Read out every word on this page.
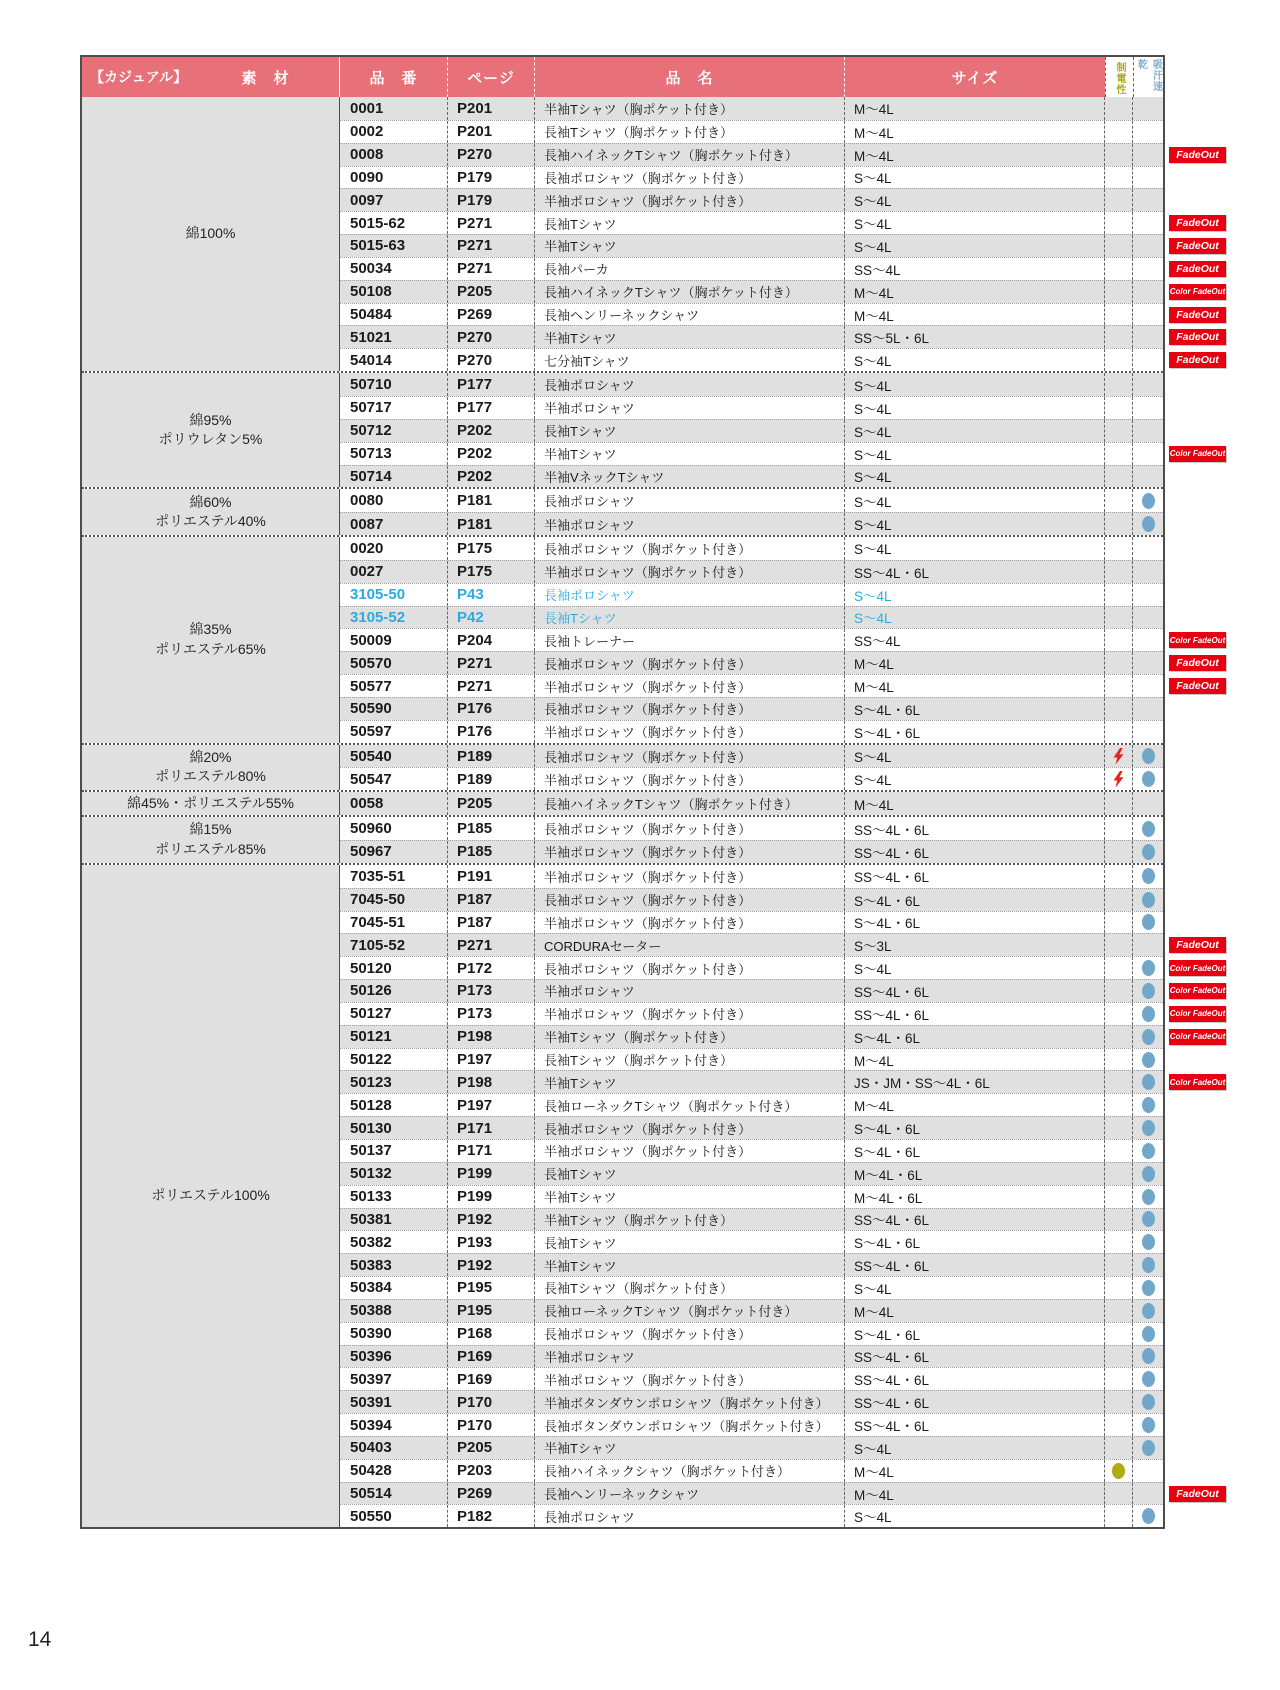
【カジュアル】	素　材	品　番	ページ	品　名	サイズ	制電性	吸汗速乾
綿100%
0001	P201	半袖Tシャツ（胸ポケット付き）	M～4L
0002	P201	長袖Tシャツ（胸ポケット付き）	M～4L
0008	P270	長袖ハイネックTシャツ（胸ポケット付き）	M～4L	FadeOut
0090	P179	長袖ポロシャツ（胸ポケット付き）	S～4L
0097	P179	半袖ポロシャツ（胸ポケット付き）	S～4L
5015-62	P271	長袖Tシャツ	S～4L	FadeOut
5015-63	P271	半袖Tシャツ	S～4L	FadeOut
50034	P271	長袖パーカ	SS～4L	FadeOut
50108	P205	長袖ハイネックTシャツ（胸ポケット付き）	M～4L	Color FadeOut
50484	P269	長袖ヘンリーネックシャツ	M～4L	FadeOut
51021	P270	半袖Tシャツ	SS～5L・6L	FadeOut
54014	P270	七分袖Tシャツ	S～4L	FadeOut
綿95%
ポリウレタン5%
50710	P177	長袖ポロシャツ	S～4L
50717	P177	半袖ポロシャツ	S～4L
50712	P202	長袖Tシャツ	S～4L
50713	P202	半袖Tシャツ	S～4L	Color FadeOut
50714	P202	半袖VネックTシャツ	S～4L
綿60%
ポリエステル40%
0080	P181	長袖ポロシャツ	S～4L
0087	P181	半袖ポロシャツ	S～4L
綿35%
ポリエステル65%
0020	P175	長袖ポロシャツ（胸ポケット付き）	S～4L
0027	P175	半袖ポロシャツ（胸ポケット付き）	SS～4L・6L
3105-50	P43	長袖ポロシャツ	S～4L
3105-52	P42	長袖Tシャツ	S～4L
50009	P204	長袖トレーナー	SS～4L	Color FadeOut
50570	P271	長袖ポロシャツ（胸ポケット付き）	M～4L	FadeOut
50577	P271	半袖ポロシャツ（胸ポケット付き）	M～4L	FadeOut
50590	P176	長袖ポロシャツ（胸ポケット付き）	S～4L・6L
50597	P176	半袖ポロシャツ（胸ポケット付き）	S～4L・6L
綿20%
ポリエステル80%
50540	P189	長袖ポロシャツ（胸ポケット付き）	S～4L
50547	P189	半袖ポロシャツ（胸ポケット付き）	S～4L
綿45%・ポリエステル55%	0058	P205	長袖ハイネックTシャツ（胸ポケット付き）	M～4L
綿15%
ポリエステル85%
50960	P185	長袖ポロシャツ（胸ポケット付き）	SS～4L・6L
50967	P185	半袖ポロシャツ（胸ポケット付き）	SS～4L・6L
ポリエステル100%
7035-51	P191	半袖ポロシャツ（胸ポケット付き）	SS～4L・6L
7045-50	P187	長袖ポロシャツ（胸ポケット付き）	S～4L・6L
7045-51	P187	半袖ポロシャツ（胸ポケット付き）	S～4L・6L
7105-52	P271	CORDURAセーター	S～3L	FadeOut
50120	P172	長袖ポロシャツ（胸ポケット付き）	S～4L	Color FadeOut
50126	P173	半袖ポロシャツ	SS～4L・6L	Color FadeOut
50127	P173	半袖ポロシャツ（胸ポケット付き）	SS～4L・6L	Color FadeOut
50121	P198	半袖Tシャツ（胸ポケット付き）	S～4L・6L	Color FadeOut
50122	P197	長袖Tシャツ（胸ポケット付き）	M～4L
50123	P198	半袖Tシャツ	JS・JM・SS～4L・6L	Color FadeOut
50128	P197	長袖ローネックTシャツ（胸ポケット付き）	M～4L
50130	P171	長袖ポロシャツ（胸ポケット付き）	S～4L・6L
50137	P171	半袖ポロシャツ（胸ポケット付き）	S～4L・6L
50132	P199	長袖Tシャツ	M～4L・6L
50133	P199	半袖Tシャツ	M～4L・6L
50381	P192	半袖Tシャツ（胸ポケット付き）	SS～4L・6L
50382	P193	長袖Tシャツ	S～4L・6L
50383	P192	半袖Tシャツ	SS～4L・6L
50384	P195	長袖Tシャツ（胸ポケット付き）	S～4L
50388	P195	長袖ローネックTシャツ（胸ポケット付き）	M～4L
50390	P168	長袖ポロシャツ（胸ポケット付き）	S～4L・6L
50396	P169	半袖ポロシャツ	SS～4L・6L
50397	P169	半袖ポロシャツ（胸ポケット付き）	SS～4L・6L
50391	P170	半袖ボタンダウンポロシャツ（胸ポケット付き）	SS～4L・6L
50394	P170	長袖ボタンダウンポロシャツ（胸ポケット付き）	SS～4L・6L
50403	P205	半袖Tシャツ	S～4L
50428	P203	長袖ハイネックシャツ（胸ポケット付き）	M～4L
50514	P269	長袖ヘンリーネックシャツ	M～4L	FadeOut
50550	P182	長袖ポロシャツ	S～4L
14
